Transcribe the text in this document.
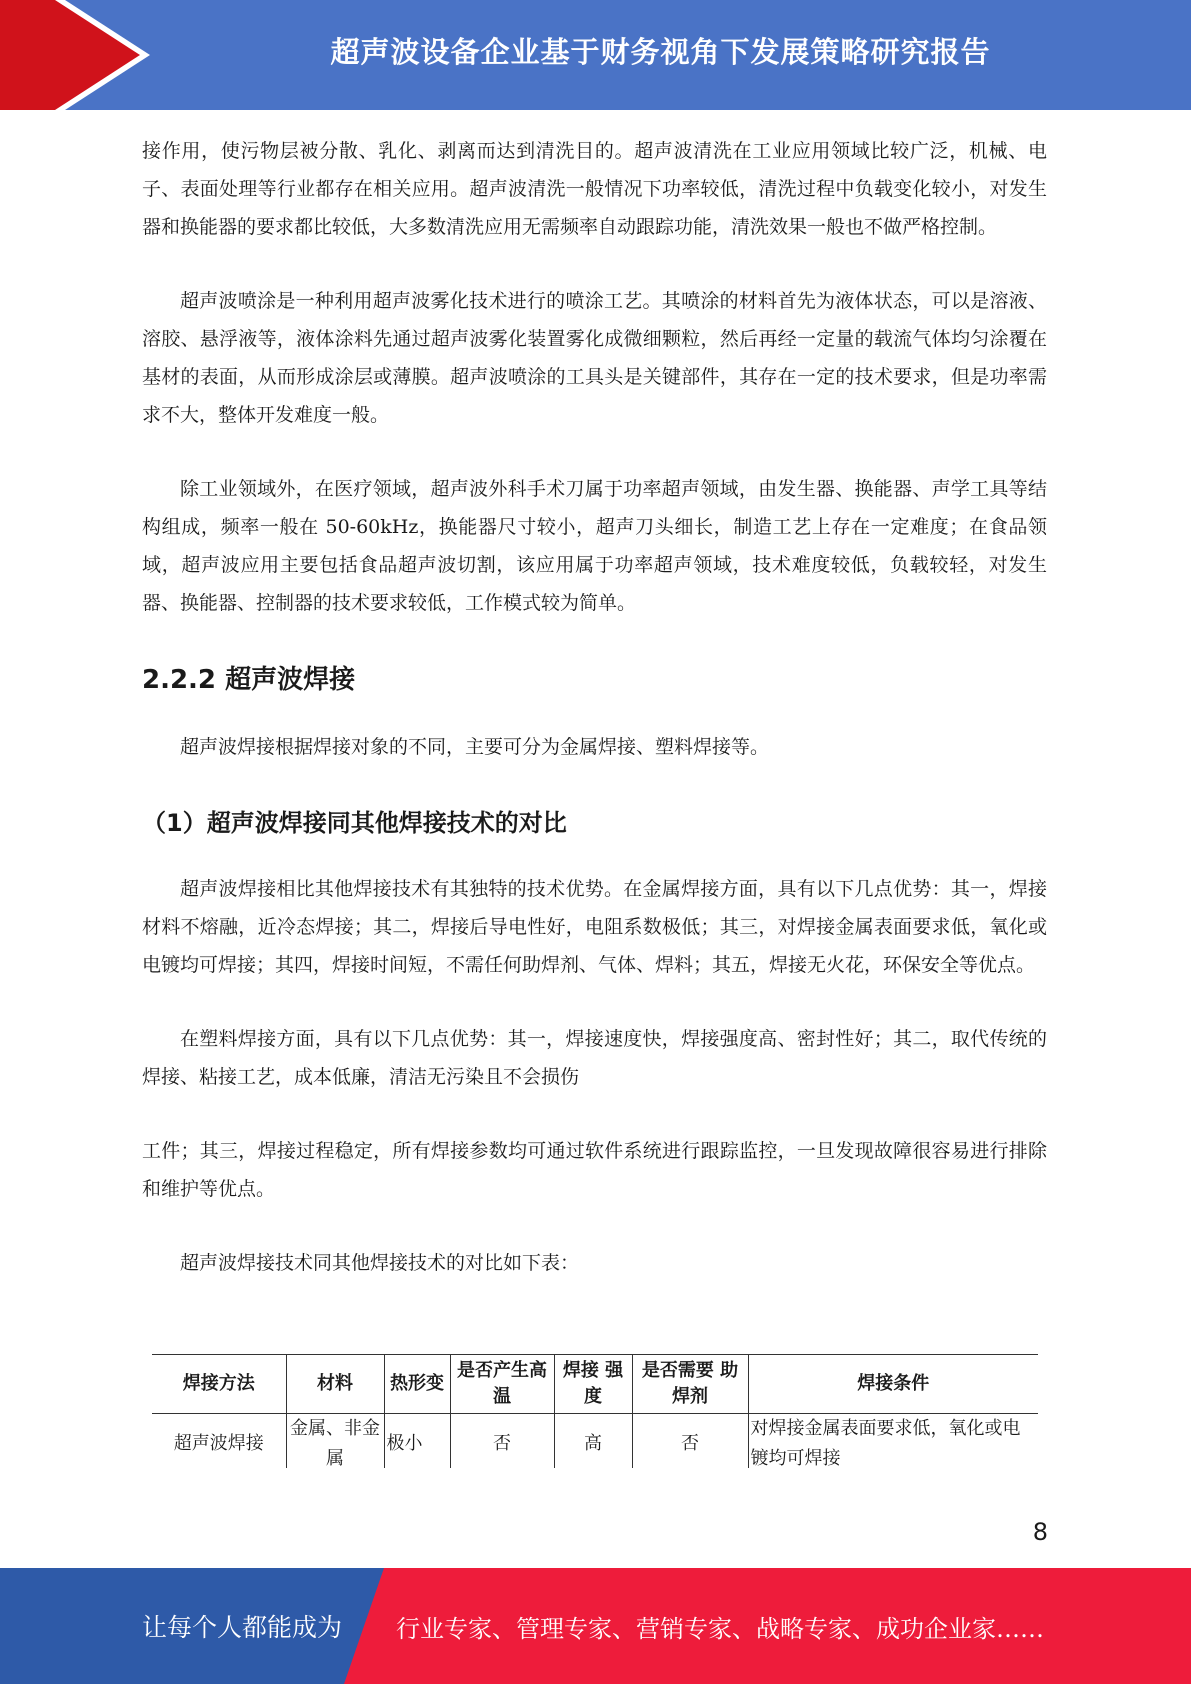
超声波设备企业基于财务视角下发展策略研究报告

接作用，使污物层被分散、乳化、剥离而达到清洗目的。超声波清洗在工业应用领域比较广泛，机械、电子、表面处理等行业都存在相关应用。超声波清洗一般情况下功率较低，清洗过程中负载变化较小，对发生器和换能器的要求都比较低，大多数清洗应用无需频率自动跟踪功能，清洗效果一般也不做严格控制。

超声波喷涂是一种利用超声波雾化技术进行的喷涂工艺。其喷涂的材料首先为液体状态，可以是溶液、溶胶、悬浮液等，液体涂料先通过超声波雾化装置雾化成微细颗粒，然后再经一定量的载流气体均匀涂覆在基材的表面，从而形成涂层或薄膜。超声波喷涂的工具头是关键部件，其存在一定的技术要求，但是功率需求不大，整体开发难度一般。

除工业领域外，在医疗领域，超声波外科手术刀属于功率超声领域，由发生器、换能器、声学工具等结构组成，频率一般在 50-60kHz，换能器尺寸较小，超声刀头细长，制造工艺上存在一定难度；在食品领域，超声波应用主要包括食品超声波切割，该应用属于功率超声领域，技术难度较低，负载较轻，对发生器、换能器、控制器的技术要求较低，工作模式较为简单。

2.2.2 超声波焊接

超声波焊接根据焊接对象的不同，主要可分为金属焊接、塑料焊接等。

（1）超声波焊接同其他焊接技术的对比

超声波焊接相比其他焊接技术有其独特的技术优势。在金属焊接方面，具有以下几点优势：其一，焊接材料不熔融，近冷态焊接；其二，焊接后导电性好，电阻系数极低；其三，对焊接金属表面要求低，氧化或电镀均可焊接；其四，焊接时间短，不需任何助焊剂、气体、焊料；其五，焊接无火花，环保安全等优点。

在塑料焊接方面，具有以下几点优势：其一，焊接速度快，焊接强度高、密封性好；其二，取代传统的焊接、粘接工艺，成本低廉，清洁无污染且不会损伤

工件；其三，焊接过程稳定，所有焊接参数均可通过软件系统进行跟踪监控，一旦发现故障很容易进行排除和维护等优点。

超声波焊接技术同其他焊接技术的对比如下表：

焊接方法	材料	热形变	是否产生高温	焊接 强度	是否需要 助焊剂	焊接条件
超声波焊接	金属、非金属	极小	否	高	否	对焊接金属表面要求低，氧化或电镀均可焊接
8
让每个人都能成为 行业专家、管理专家、营销专家、战略专家、成功企业家……
